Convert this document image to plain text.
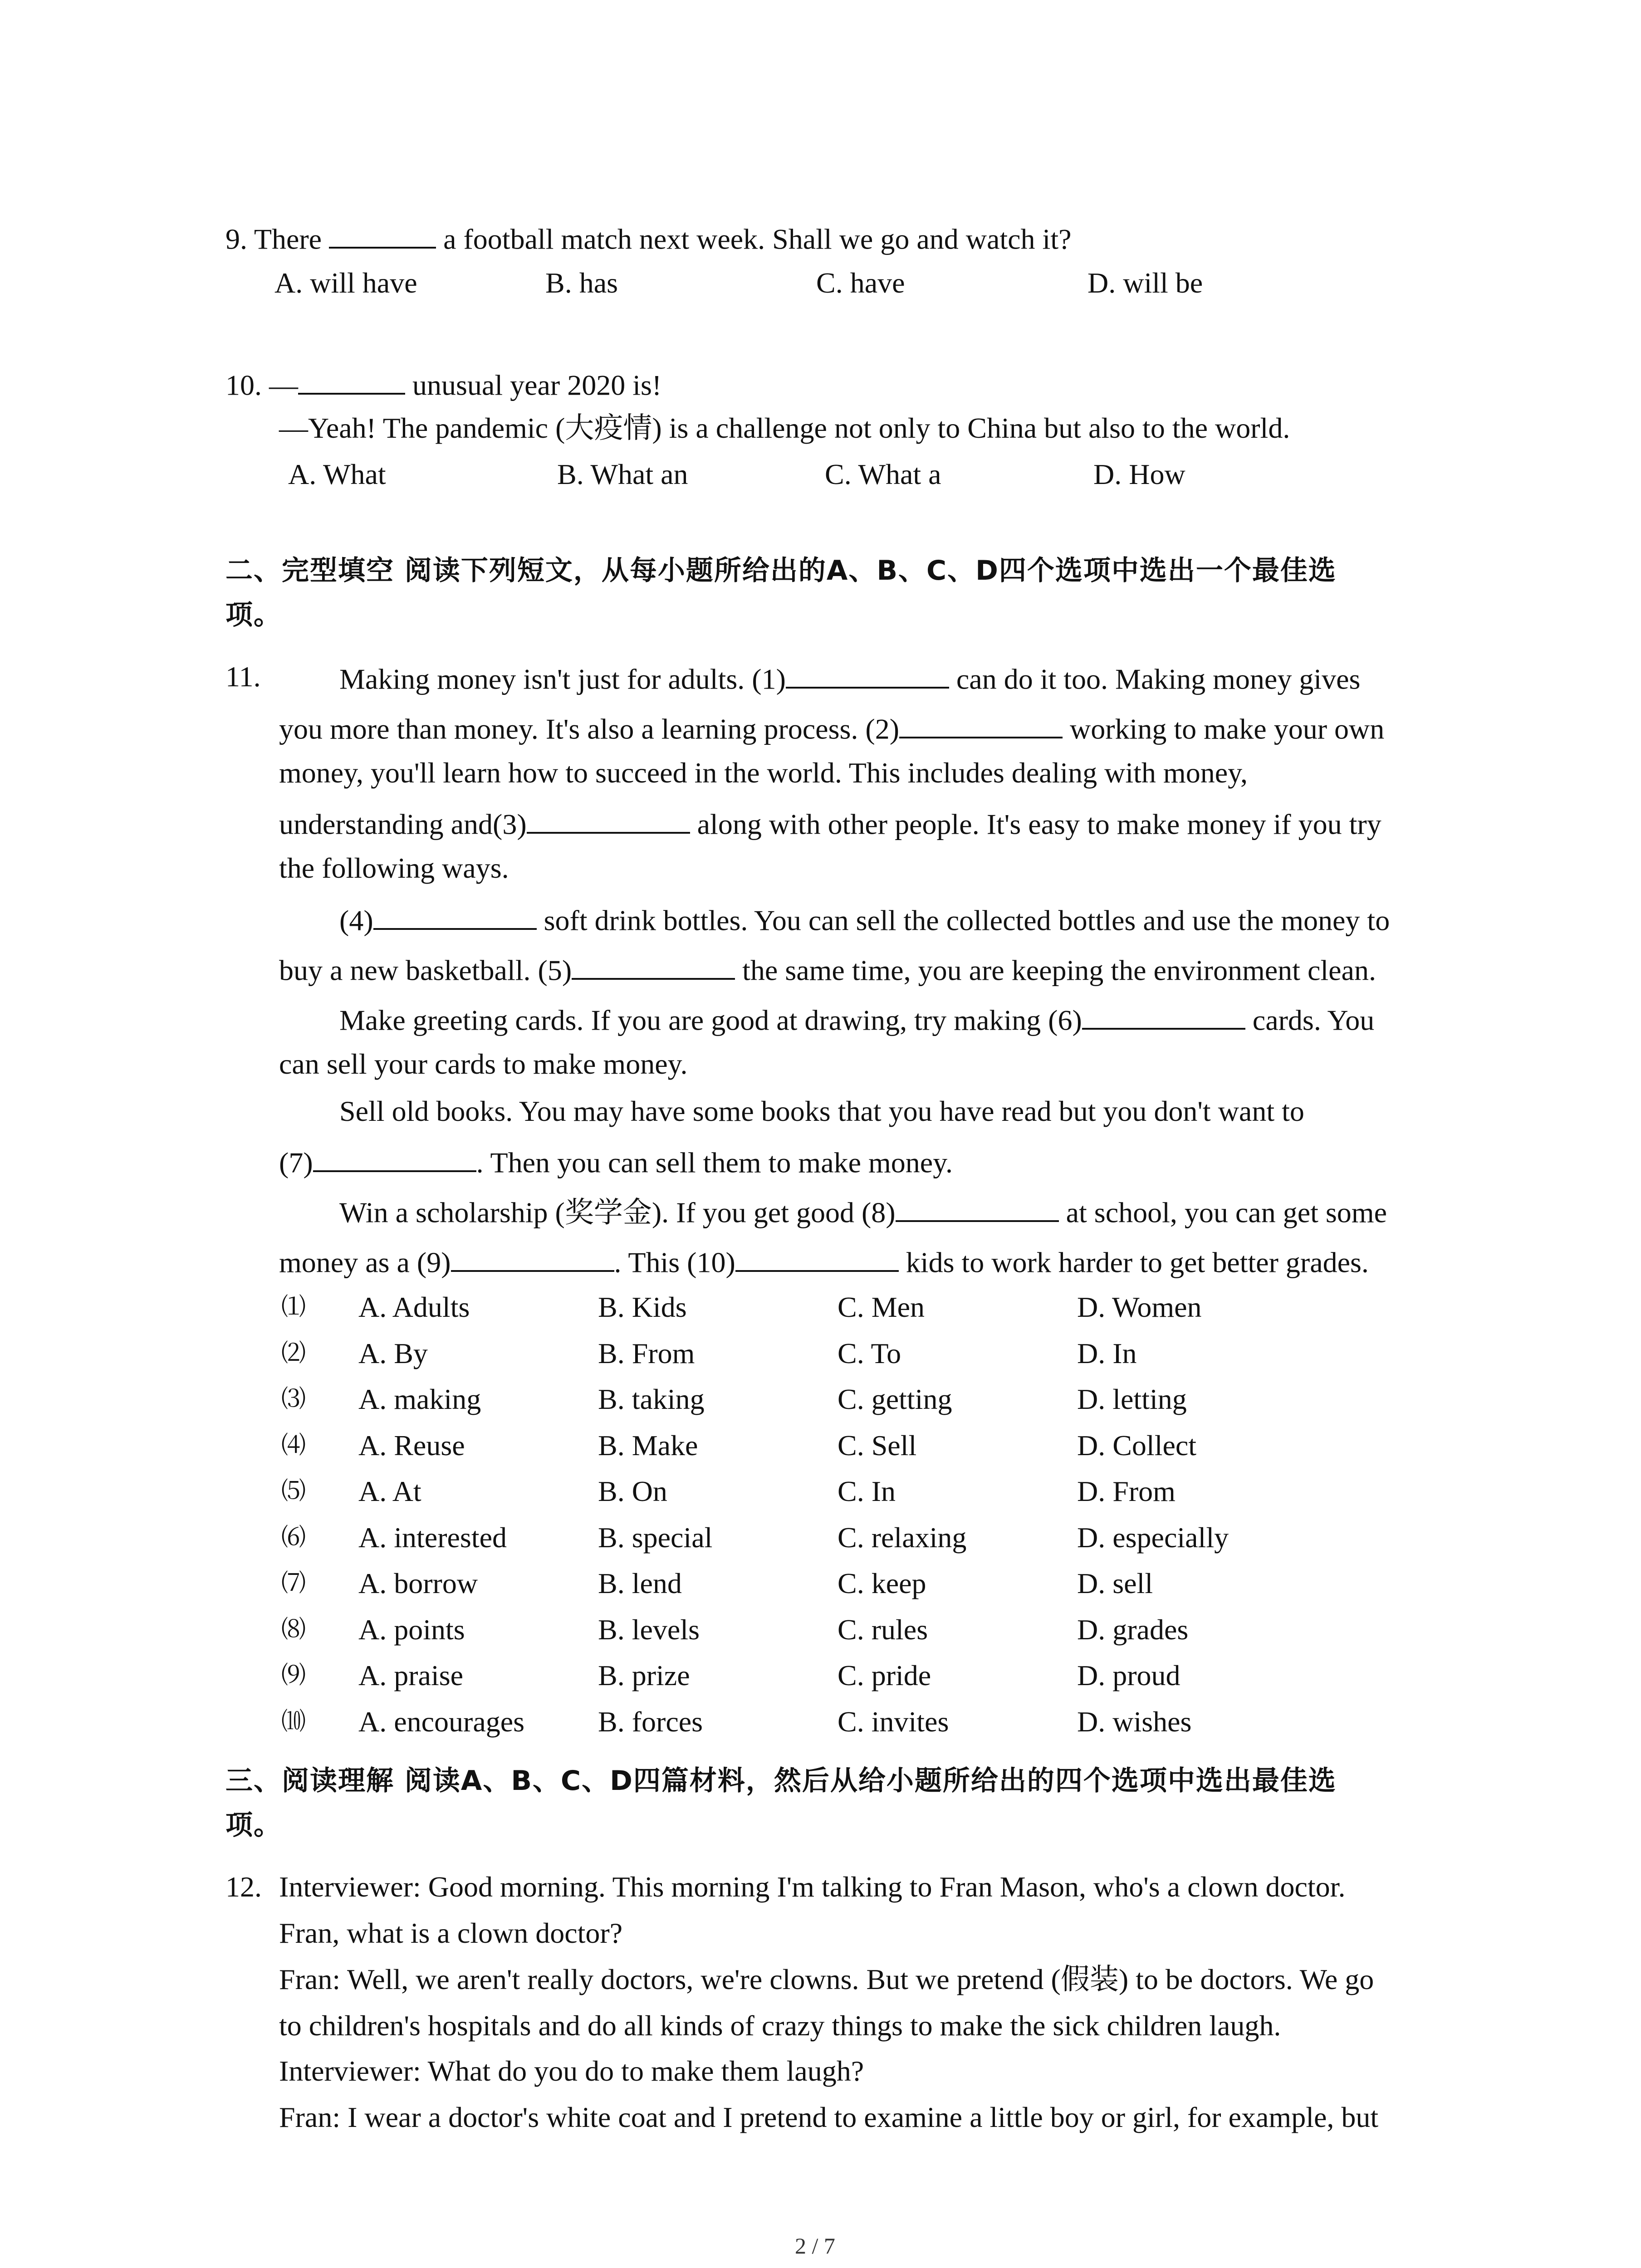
9. There	a football match next week. Shall we go and watch it?
A. will have	B. has	C. have	D. will be
10. —	unusual year 2020 is!
—Yeah! The pandemic (大疫情) is a challenge not only to China but also to the world.
A. What	B. What an	C. What a	D. How
二、完型填空 阅读下列短文，从每小题所给出的A、B、C、D四个选项中选出一个最佳选
项。
11.	Making money isn't just for adults. (1)	can do it too. Making money gives
you more than money. It's also a learning process. (2)	working to make your own
money, you'll learn how to succeed in the world. This includes dealing with money,
understanding and(3)	along with other people. It's easy to make money if you try
the following ways.
(4)	soft drink bottles. You can sell the collected bottles and use the money to
buy a new basketball. (5)	the same time, you are keeping the environment clean.
Make greeting cards. If you are good at drawing, try making (6)	cards. You
can sell your cards to make money.
Sell old books. You may have some books that you have read but you don't want to
(7)	. Then you can sell them to make money.
Win a scholarship (奖学金). If you get good (8)	at school, you can get some
money as a (9)	. This (10)	kids to work harder to get better grades.
⑴ A. Adults	B. Kids	C. Men	D. Women
⑵ A. By	B. From	C. To	D. In
⑶ A. making	B. taking	C. getting	D. letting
⑷ A. Reuse	B. Make	C. Sell	D. Collect
⑸ A. At	B. On	C. In	D. From
⑹ A. interested	B. special	C. relaxing	D. especially
⑺ A. borrow	B. lend	C. keep	D. sell
⑻ A. points	B. levels	C. rules	D. grades
⑼ A. praise	B. prize	C. pride	D. proud
⑽ A. encourages	B. forces	C. invites	D. wishes
三、阅读理解 阅读A、B、C、D四篇材料，然后从给小题所给出的四个选项中选出最佳选
项。
12. Interviewer: Good morning. This morning I'm talking to Fran Mason, who's a clown doctor.
Fran, what is a clown doctor?
Fran: Well, we aren't really doctors, we're clowns. But we pretend (假装) to be doctors. We go
to children's hospitals and do all kinds of crazy things to make the sick children laugh.
Interviewer: What do you do to make them laugh?
Fran: I wear a doctor's white coat and I pretend to examine a little boy or girl, for example, but
2 / 7
